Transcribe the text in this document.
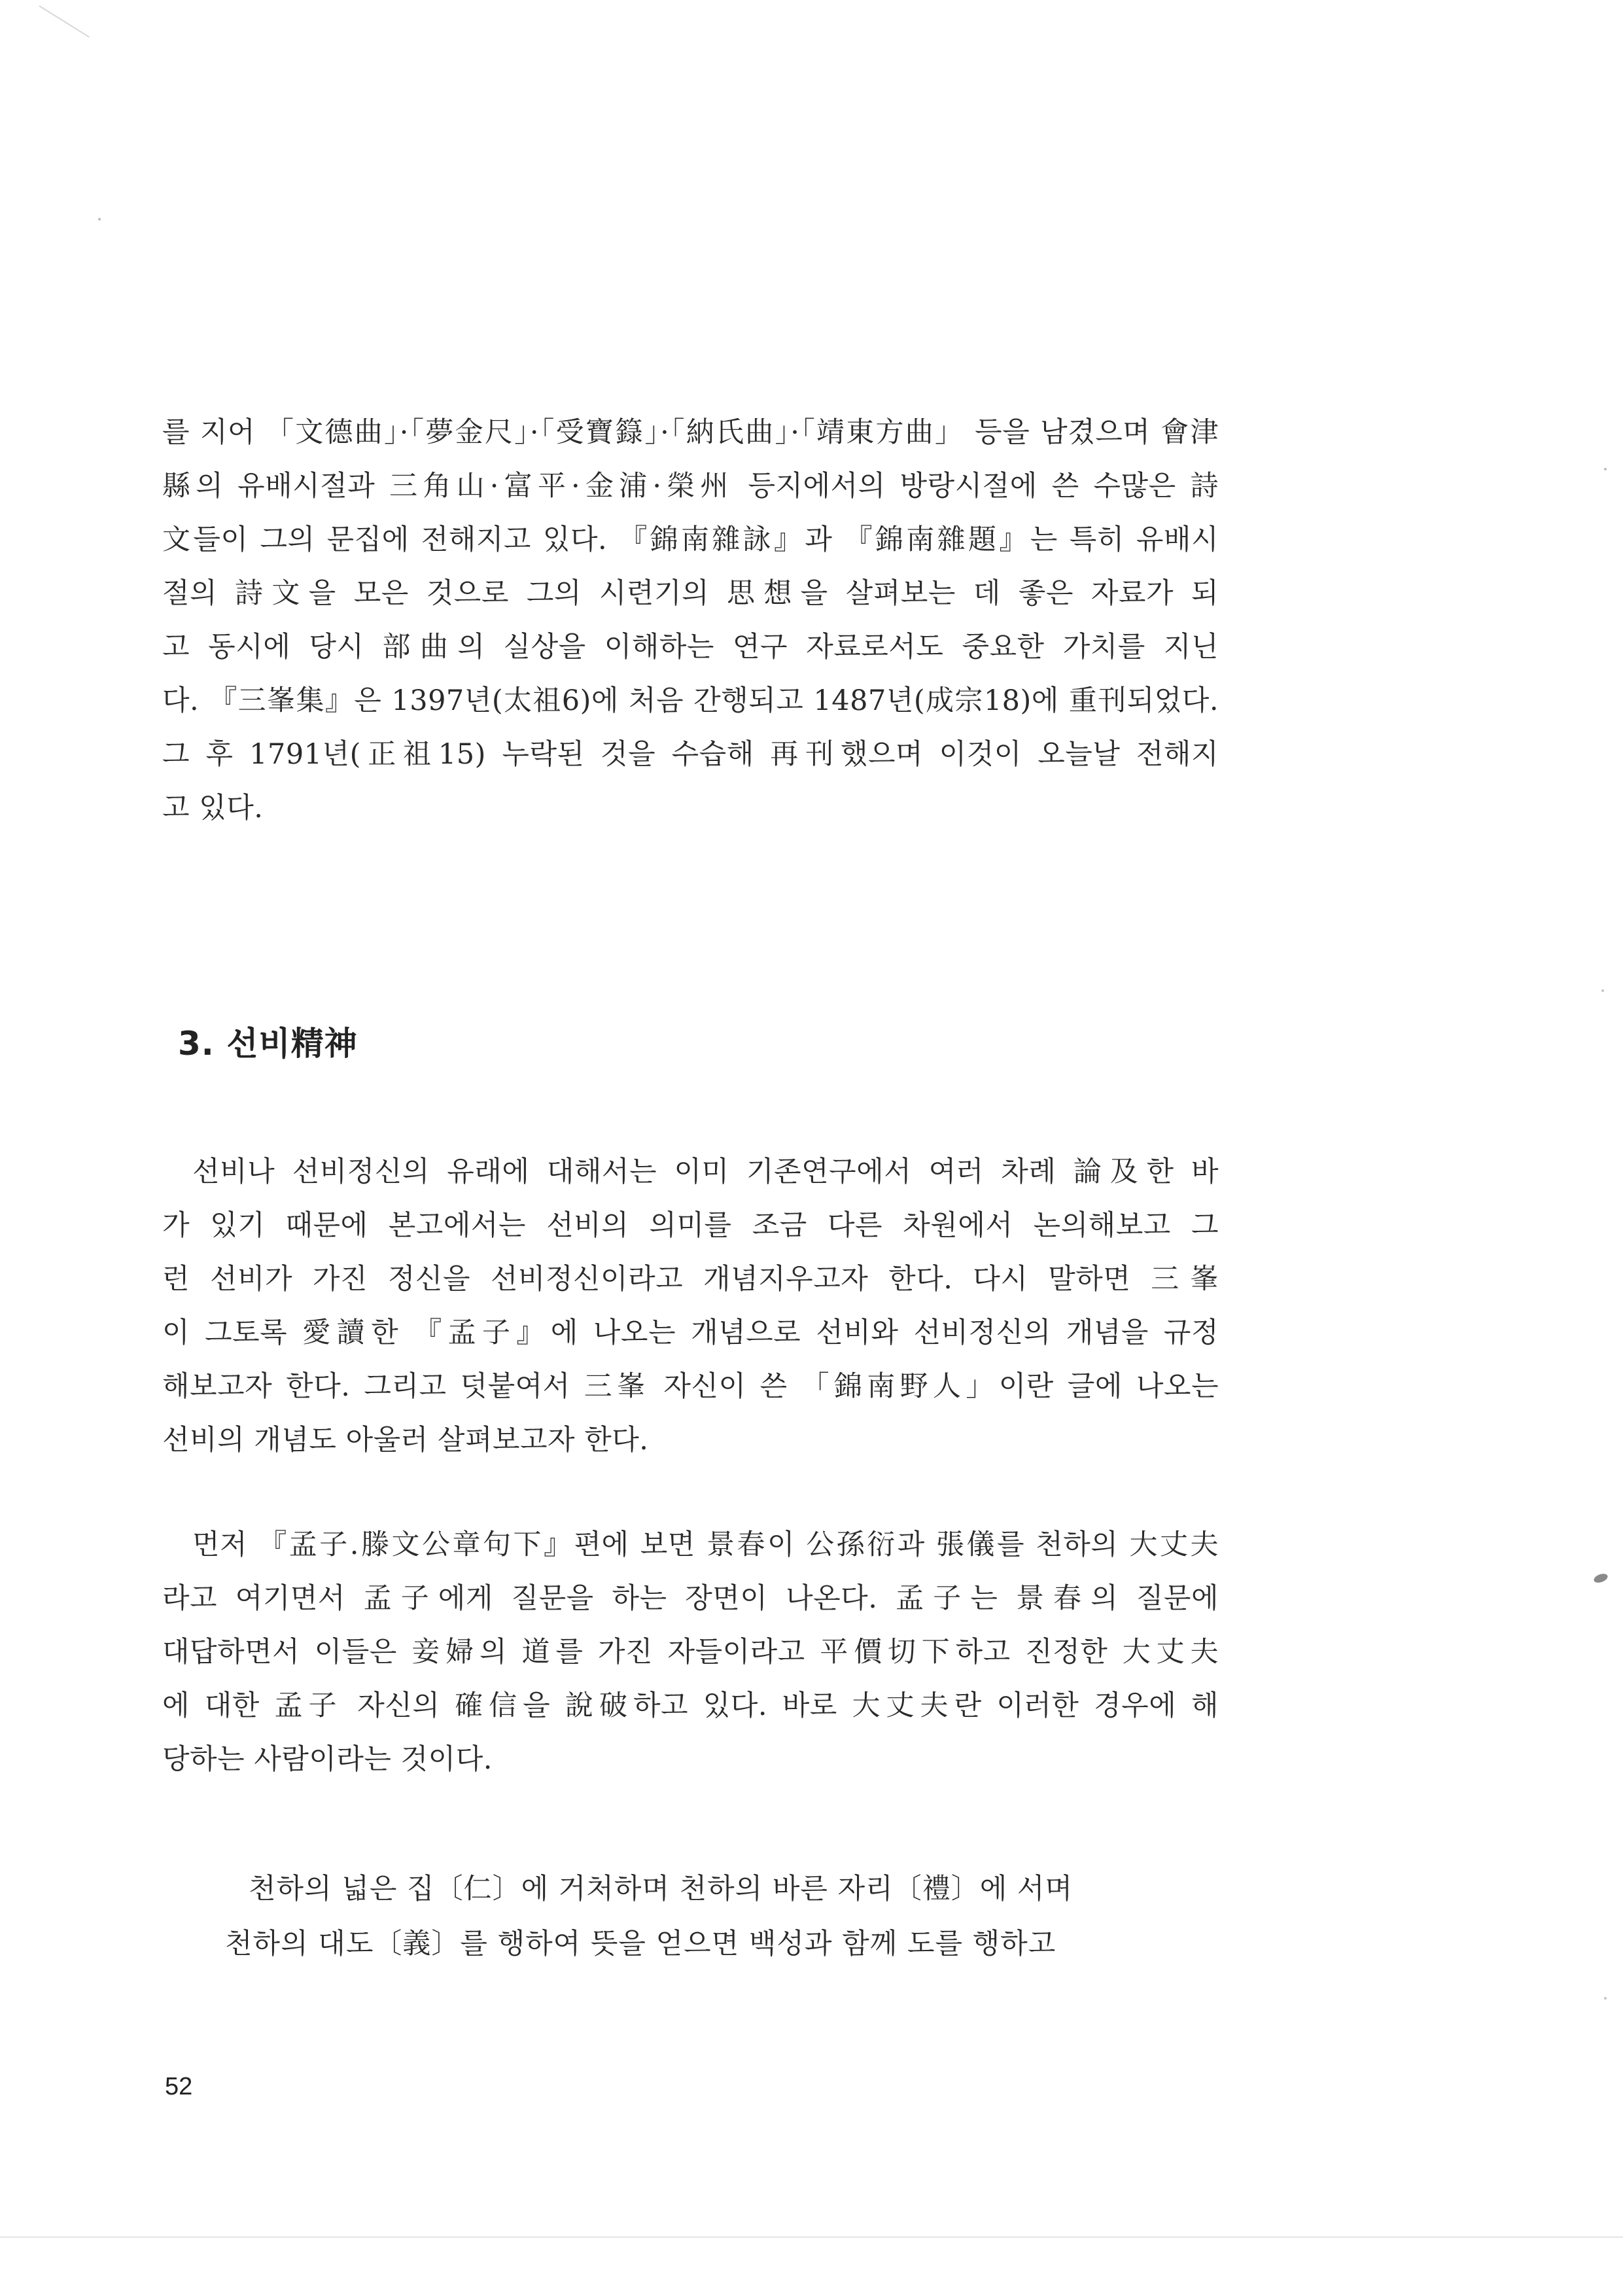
를 지어 「文德曲」·「夢金尺」·「受寶籙」·「納氏曲」·「靖東方曲」 등을 남겼으며 會津
縣의 유배시절과 三角山·富平·金浦·榮州 등지에서의 방랑시절에 쓴 수많은 詩
文들이 그의 문집에 전해지고 있다. 『錦南雜詠』과 『錦南雜題』는 특히 유배시
절의 詩文을 모은 것으로 그의 시련기의 思想을 살펴보는 데 좋은 자료가 되
고 동시에 당시 部曲의 실상을 이해하는 연구 자료로서도 중요한 가치를 지닌
다. 『三峯集』은 1397년(太祖6)에 처음 간행되고 1487년(成宗18)에 重刊되었다.
그 후 1791년(正祖15) 누락된 것을 수습해 再刊했으며 이것이 오늘날 전해지
고 있다.
3. 선비精神
선비나 선비정신의 유래에 대해서는 이미 기존연구에서 여러 차례 論及한 바
가 있기 때문에 본고에서는 선비의 의미를 조금 다른 차원에서 논의해보고 그
런 선비가 가진 정신을 선비정신이라고 개념지우고자 한다. 다시 말하면 三峯
이 그토록 愛讀한 『孟子』에 나오는 개념으로 선비와 선비정신의 개념을 규정
해보고자 한다. 그리고 덧붙여서 三峯 자신이 쓴 「錦南野人」이란 글에 나오는
선비의 개념도 아울러 살펴보고자 한다.
먼저 『孟子.滕文公章句下』편에 보면 景春이 公孫衍과 張儀를 천하의 大丈夫
라고 여기면서 孟子에게 질문을 하는 장면이 나온다. 孟子는 景春의 질문에
대답하면서 이들은 妾婦의 道를 가진 자들이라고 平價切下하고 진정한 大丈夫
에 대한 孟子 자신의 確信을 說破하고 있다. 바로 大丈夫란 이러한 경우에 해
당하는 사람이라는 것이다.
천하의 넓은 집〔仁〕에 거처하며 천하의 바른 자리〔禮〕에 서며
천하의 대도〔義〕를 행하여 뜻을 얻으면 백성과 함께 도를 행하고
52
